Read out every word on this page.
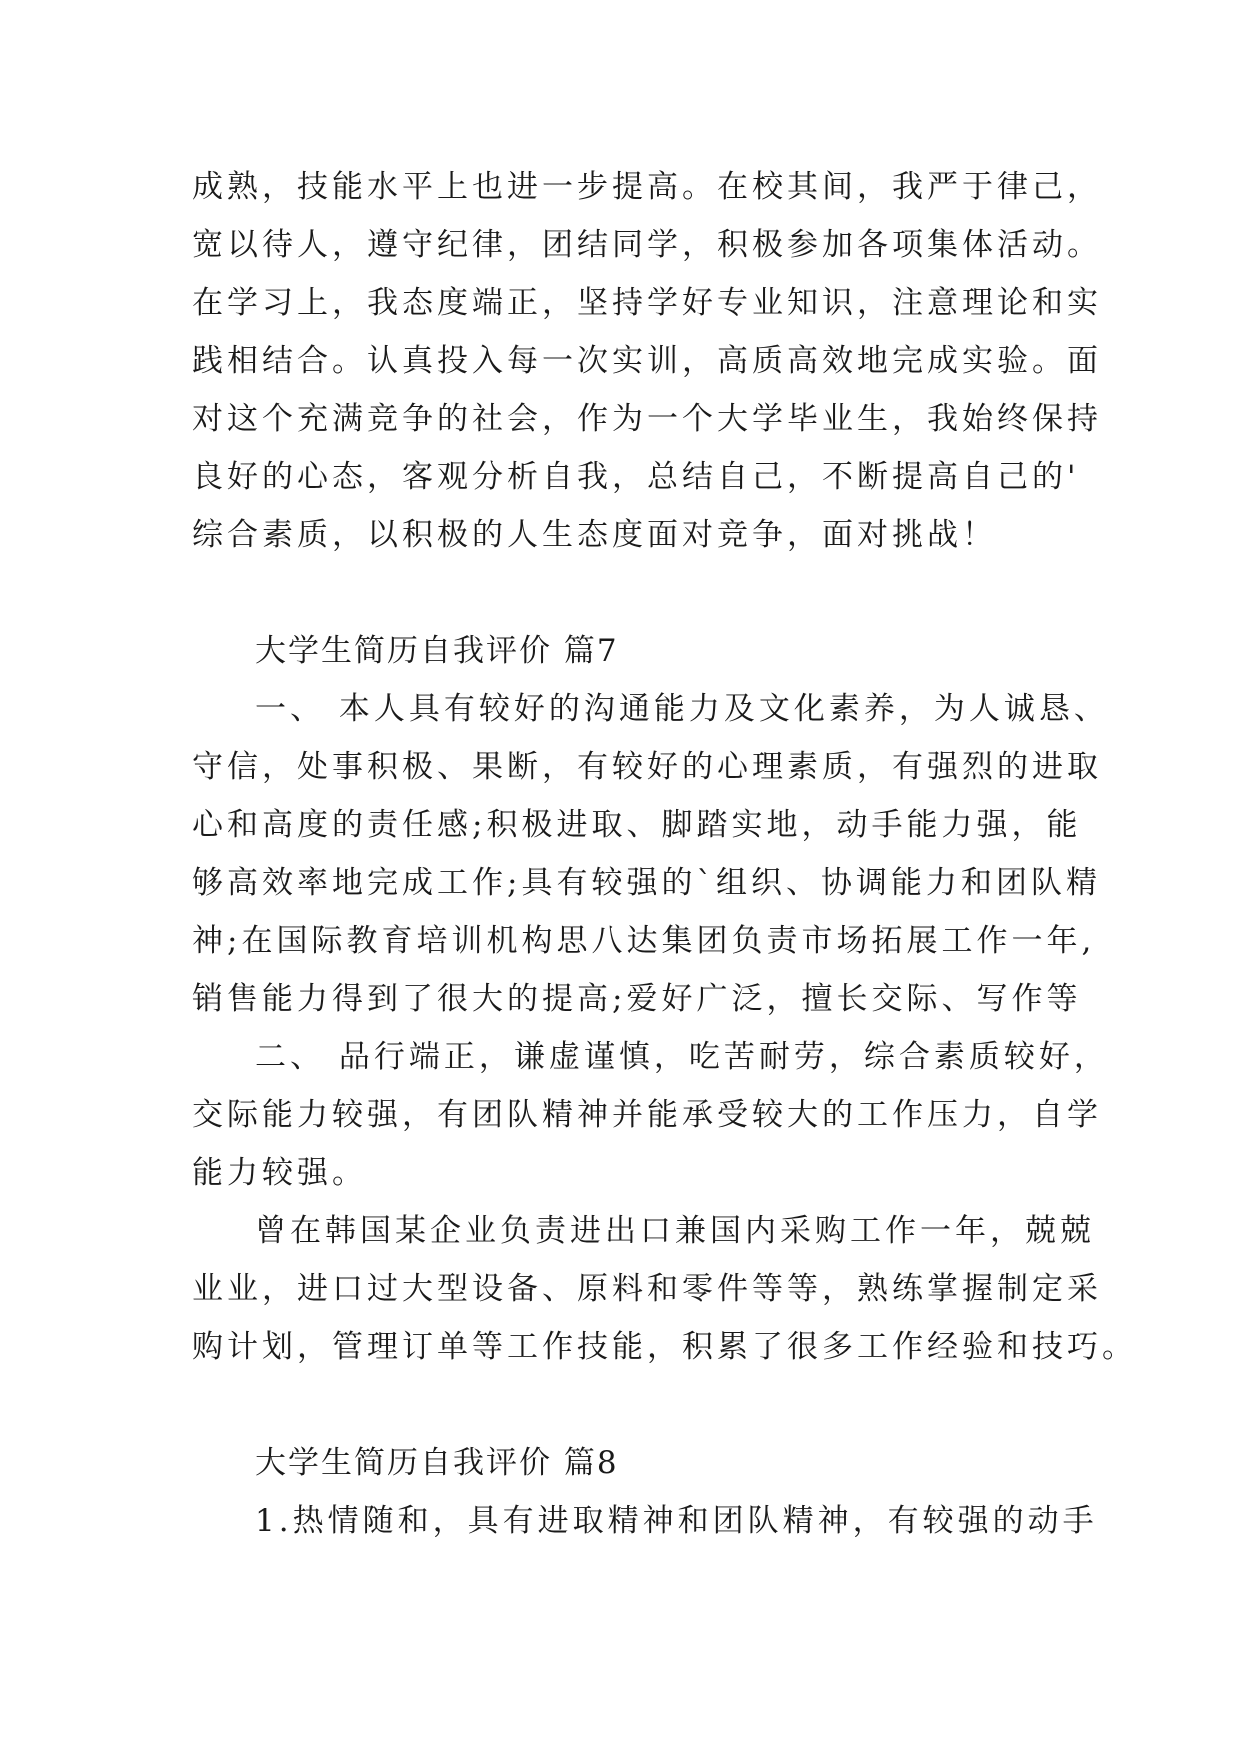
成熟，技能水平上也进一步提高。在校其间，我严于律己，
宽以待人，遵守纪律，团结同学，积极参加各项集体活动。
在学习上，我态度端正，坚持学好专业知识，注意理论和实
践相结合。认真投入每一次实训，高质高效地完成实验。面
对这个充满竞争的社会，作为一个大学毕业生，我始终保持
良好的心态，客观分析自我，总结自己，不断提高自己的'
综合素质，以积极的人生态度面对竞争，面对挑战！
大学生简历自我评价 篇7
一、 本人具有较好的沟通能力及文化素养，为人诚恳、
守信，处事积极、果断，有较好的心理素质，有强烈的进取
心和高度的责任感;积极进取、脚踏实地，动手能力强，能
够高效率地完成工作;具有较强的`组织、协调能力和团队精
神;在国际教育培训机构思八达集团负责市场拓展工作一年,
销售能力得到了很大的提高;爱好广泛，擅长交际、写作等
二、 品行端正，谦虚谨慎，吃苦耐劳，综合素质较好，
交际能力较强，有团队精神并能承受较大的工作压力，自学
能力较强。
曾在韩国某企业负责进出口兼国内采购工作一年，兢兢
业业，进口过大型设备、原料和零件等等，熟练掌握制定采
购计划，管理订单等工作技能，积累了很多工作经验和技巧。
大学生简历自我评价 篇8
1.热情随和，具有进取精神和团队精神，有较强的动手
